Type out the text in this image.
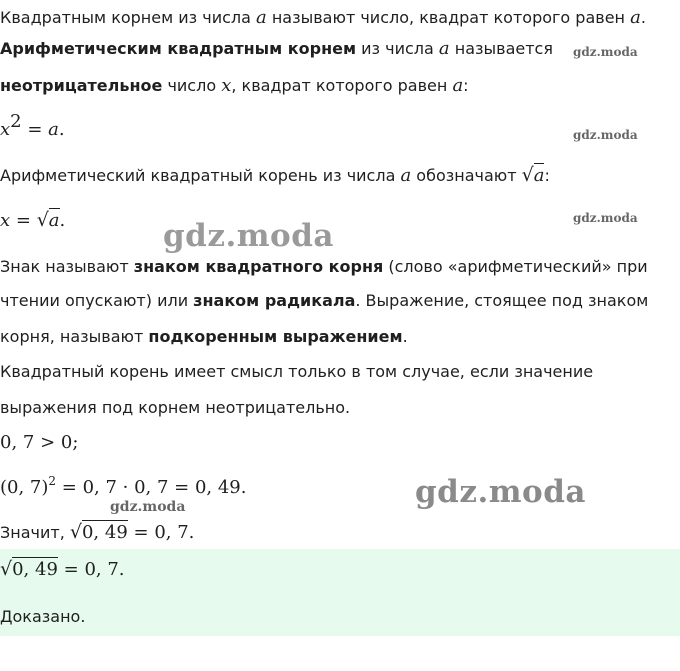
Квадратным корнем из числа a называют число, квадрат которого равен a.
Арифметическим квадратным корнем из числа a называется
неотрицательное число x, квадрат которого равен a:
$x^2 = a$.
Арифметический квадратный корень из числа a обозначают √a:
x = √a.
Знак называют знаком квадратного корня (слово «арифметический» при
чтении опускают) или знаком радикала. Выражение, стоящее под знаком
корня, называют подкоренным выражением.
Квадратный корень имеет смысл только в том случае, если значение
выражения под корнем неотрицательно.
0, 7 > 0;
(0, 7)$^2$ = 0, 7 · 0, 7 = 0, 49.
Значит, √0, 49 = 0, 7.
√0, 49 = 0, 7.
Доказано.
gdz.moda
gdz.moda
gdz.moda
gdz.moda
gdz.moda
gdz.moda
